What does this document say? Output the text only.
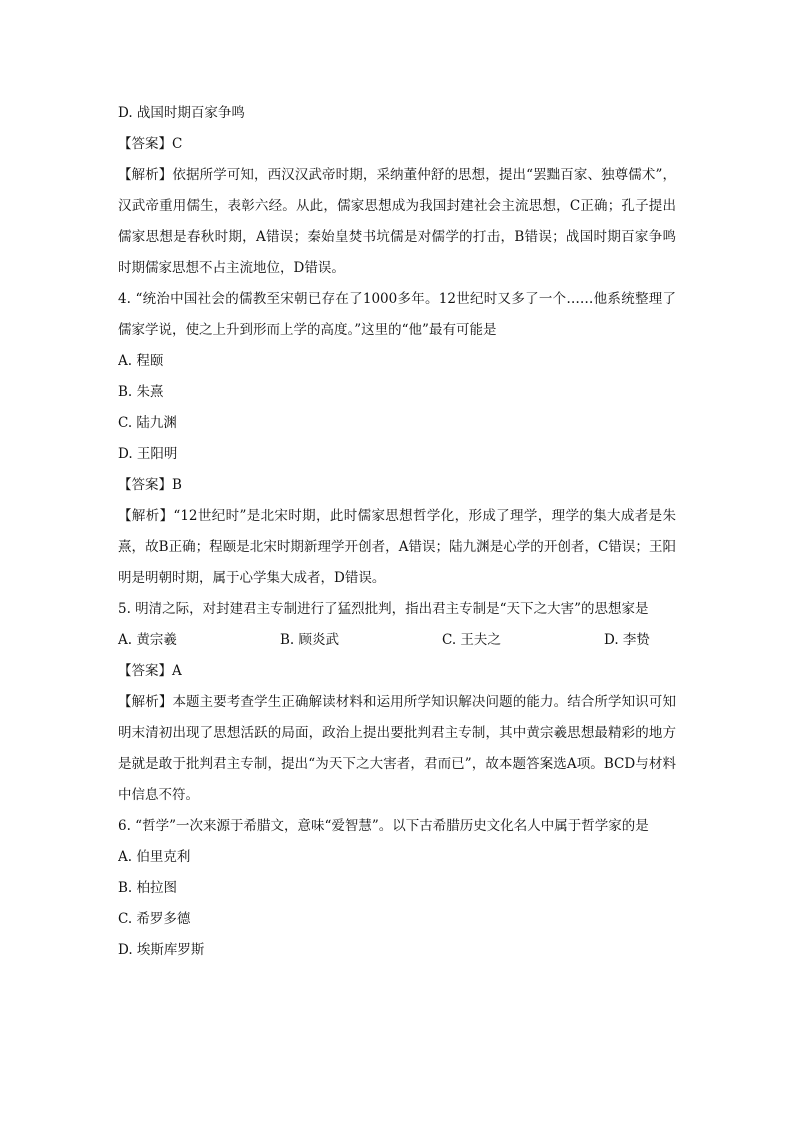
D. 战国时期百家争鸣
【答案】C
【解析】依据所学可知，西汉汉武帝时期，采纳董仲舒的思想，提出“罢黜百家、独尊儒术”，汉武帝重用儒生，表彰六经。从此，儒家思想成为我国封建社会主流思想，C正确；孔子提出儒家思想是春秋时期，A错误；秦始皇焚书坑儒是对儒学的打击，B错误；战国时期百家争鸣时期儒家思想不占主流地位，D错误。
4. “统治中国社会的儒教至宋朝已存在了1000多年。12世纪时又多了一个……他系统整理了儒家学说，使之上升到形而上学的高度。”这里的“他”最有可能是
A. 程颐
B. 朱熹
C. 陆九渊
D. 王阳明
【答案】B
【解析】“12世纪时”是北宋时期，此时儒家思想哲学化，形成了理学，理学的集大成者是朱熹，故B正确；程颐是北宋时期新理学开创者，A错误；陆九渊是心学的开创者，C错误；王阳明是明朝时期，属于心学集大成者，D错误。
5. 明清之际，对封建君主专制进行了猛烈批判，指出君主专制是“天下之大害”的思想家是
A. 黄宗羲	B. 顾炎武	C. 王夫之	D. 李贽
【答案】A
【解析】本题主要考查学生正确解读材料和运用所学知识解决问题的能力。结合所学知识可知明末清初出现了思想活跃的局面，政治上提出要批判君主专制，其中黄宗羲思想最精彩的地方是就是敢于批判君主专制，提出“为天下之大害者，君而已”，故本题答案选A项。BCD与材料中信息不符。
6. “哲学”一次来源于希腊文，意味“爱智慧”。以下古希腊历史文化名人中属于哲学家的是
A. 伯里克利
B. 柏拉图
C. 希罗多德
D. 埃斯库罗斯
